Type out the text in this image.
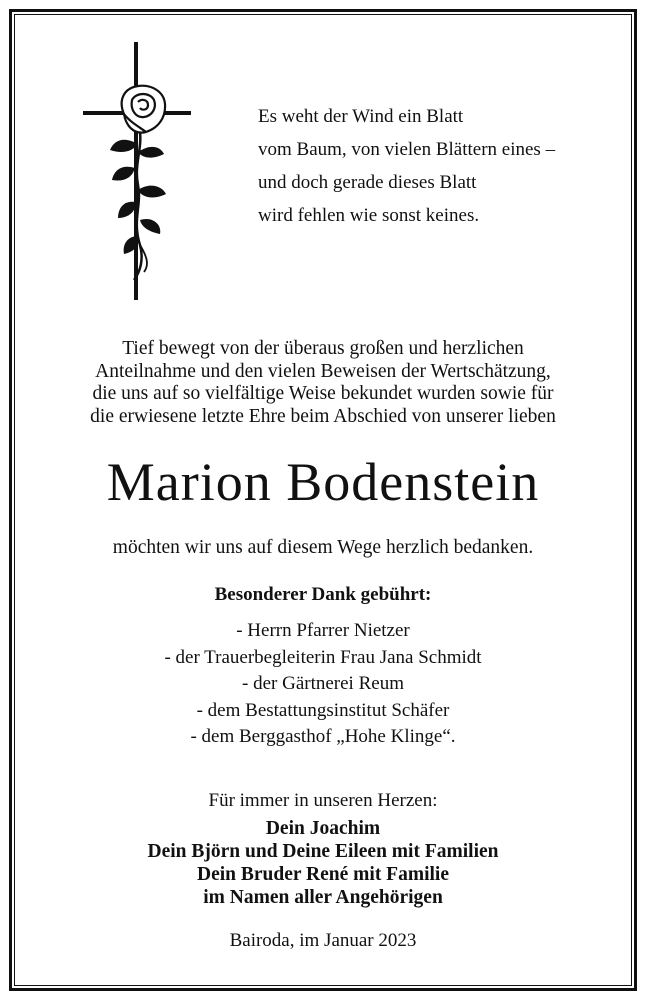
Es weht der Wind ein Blatt
vom Baum, von vielen Blättern eines –
und doch gerade dieses Blatt
wird fehlen wie sonst keines.
Tief bewegt von der überaus großen und herzlichen
Anteilnahme und den vielen Beweisen der Wertschätzung,
die uns auf so vielfältige Weise bekundet wurden sowie für
die erwiesene letzte Ehre beim Abschied von unserer lieben
Marion Bodenstein
möchten wir uns auf diesem Wege herzlich bedanken.
Besonderer Dank gebührt:
- Herrn Pfarrer Nietzer
- der Trauerbegleiterin Frau Jana Schmidt
- der Gärtnerei Reum
- dem Bestattungsinstitut Schäfer
- dem Berggasthof „Hohe Klinge“.
Für immer in unseren Herzen:
Dein Joachim
Dein Björn und Deine Eileen mit Familien
Dein Bruder René mit Familie
im Namen aller Angehörigen
Bairoda, im Januar 2023
